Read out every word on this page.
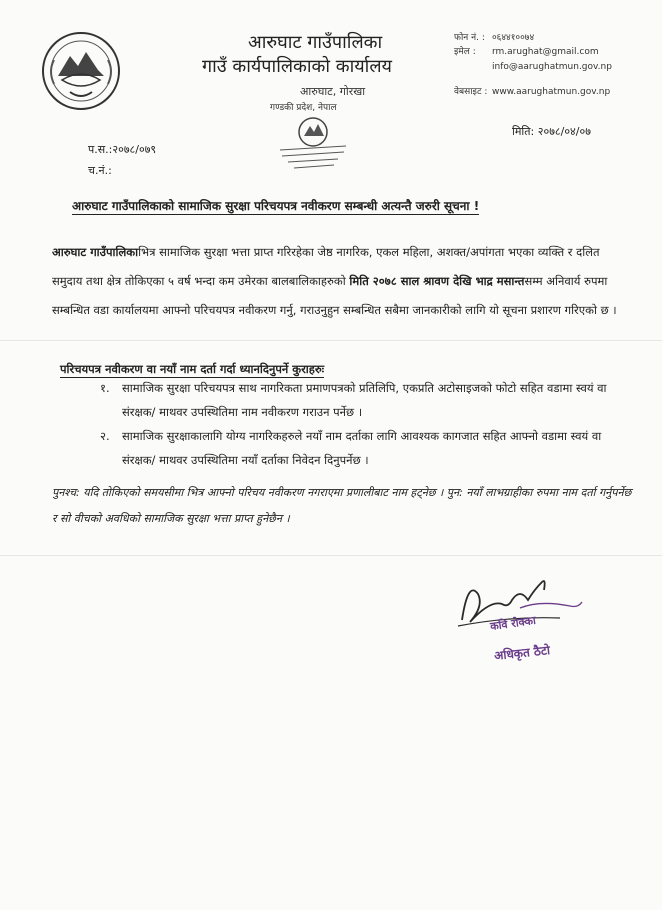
आरुघाट गाउँपालिका
गाउँ कार्यपालिकाको कार्यालय
आरुघाट, गोरखा
गण्डकी प्रदेश, नेपाल
फोन नं. : ०६४४१००७४
इमेल : rm.arughat@gmail.com
info@aarughatmun.gov.np
वेबसाइट : www.aarughatmun.gov.np
प.स.:२०७८/०७९
च.नं.:
मिति: २०७८/०४/०७
आरुघाट गाउँपालिकाको सामाजिक सुरक्षा परिचयपत्र नवीकरण सम्बन्धी अत्यन्तै जरुरी सूचना !
आरुघाट गाउँपालिकाभित्र सामाजिक सुरक्षा भत्ता प्राप्त गरिरहेका जेष्ठ नागरिक, एकल महिला, अशक्त/अपांगता भएका व्यक्ति र दलित समुदाय तथा क्षेत्र तोकिएका ५ वर्ष भन्दा कम उमेरका बालबालिकाहरुको मिति २०७८ साल श्रावण देखि भाद्र मसान्तसम्म अनिवार्य रुपमा सम्बन्धित वडा कार्यालयमा आफ्नो परिचयपत्र नवीकरण गर्नु, गराउनुहुन सम्बन्धित सबैमा जानकारीको लागि यो सूचना प्रशारण गरिएको छ ।
परिचयपत्र नवीकरण वा नयाँ नाम दर्ता गर्दा ध्यानदिनुपर्ने कुराहरुः
१. सामाजिक सुरक्षा परिचयपत्र साथ नागरिकता प्रमाणपत्रको प्रतिलिपि, एकप्रति अटोसाइजको फोटो सहित वडामा स्वयं वा संरक्षक/ माथवर उपस्थितिमा नाम नवीकरण गराउन पर्नेछ ।
२. सामाजिक सुरक्षाकालागि योग्य नागरिकहरुले नयाँ नाम दर्ताका लागि आवश्यक कागजात सहित आफ्नो वडामा स्वयं वा संरक्षक/ माथवर उपस्थितिमा नयाँ दर्ताका निवेदन दिनुपर्नेछ ।
पुनश्च: यदि तोकिएको समयसीमा भित्र आफ्नो परिचय नवीकरण नगराएमा प्रणालीबाट नाम हट्नेछ । पुन: नयाँ लाभग्राहीका रुपमा नाम दर्ता गर्नुपर्नेछ र सो वीचको अवधिको सामाजिक सुरक्षा भत्ता प्राप्त हुनेछैन ।
कवि रोक्का
अधिकृत ठैटो
